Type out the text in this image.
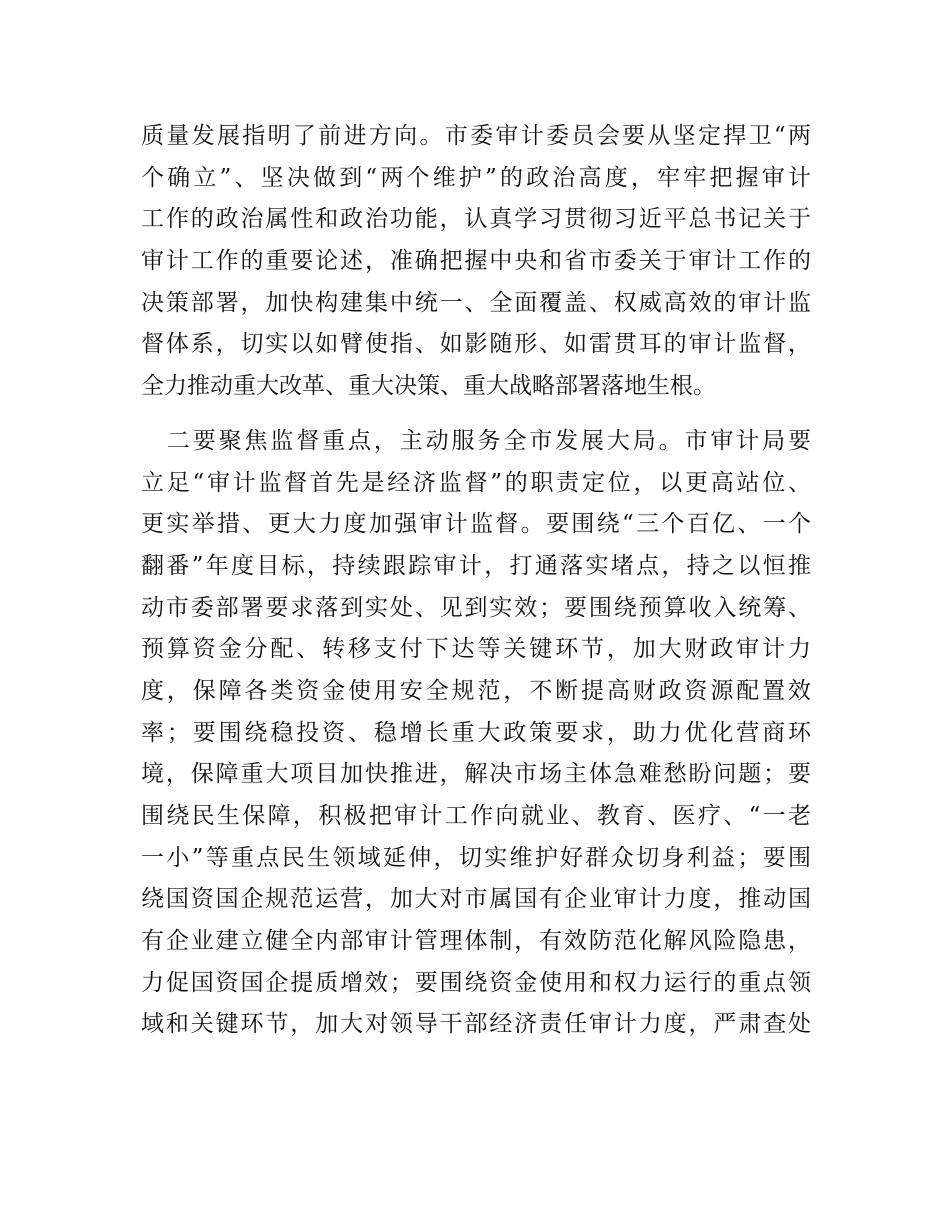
质量发展指明了前进方向。市委审计委员会要从坚定捍卫“两
个确立”、坚决做到“两个维护”的政治高度，牢牢把握审计
工作的政治属性和政治功能，认真学习贯彻习近平总书记关于
审计工作的重要论述，准确把握中央和省市委关于审计工作的
决策部署，加快构建集中统一、全面覆盖、权威高效的审计监
督体系，切实以如臂使指、如影随形、如雷贯耳的审计监督，
全力推动重大改革、重大决策、重大战略部署落地生根。
　二要聚焦监督重点，主动服务全市发展大局。市审计局要
立足“审计监督首先是经济监督”的职责定位，以更高站位、
更实举措、更大力度加强审计监督。要围绕“三个百亿、一个
翻番”年度目标，持续跟踪审计，打通落实堵点，持之以恒推
动市委部署要求落到实处、见到实效；要围绕预算收入统筹、
预算资金分配、转移支付下达等关键环节，加大财政审计力
度，保障各类资金使用安全规范，不断提高财政资源配置效
率；要围绕稳投资、稳增长重大政策要求，助力优化营商环
境，保障重大项目加快推进，解决市场主体急难愁盼问题；要
围绕民生保障，积极把审计工作向就业、教育、医疗、“一老
一小”等重点民生领域延伸，切实维护好群众切身利益；要围
绕国资国企规范运营，加大对市属国有企业审计力度，推动国
有企业建立健全内部审计管理体制，有效防范化解风险隐患，
力促国资国企提质增效；要围绕资金使用和权力运行的重点领
域和关键环节，加大对领导干部经济责任审计力度，严肃查处
